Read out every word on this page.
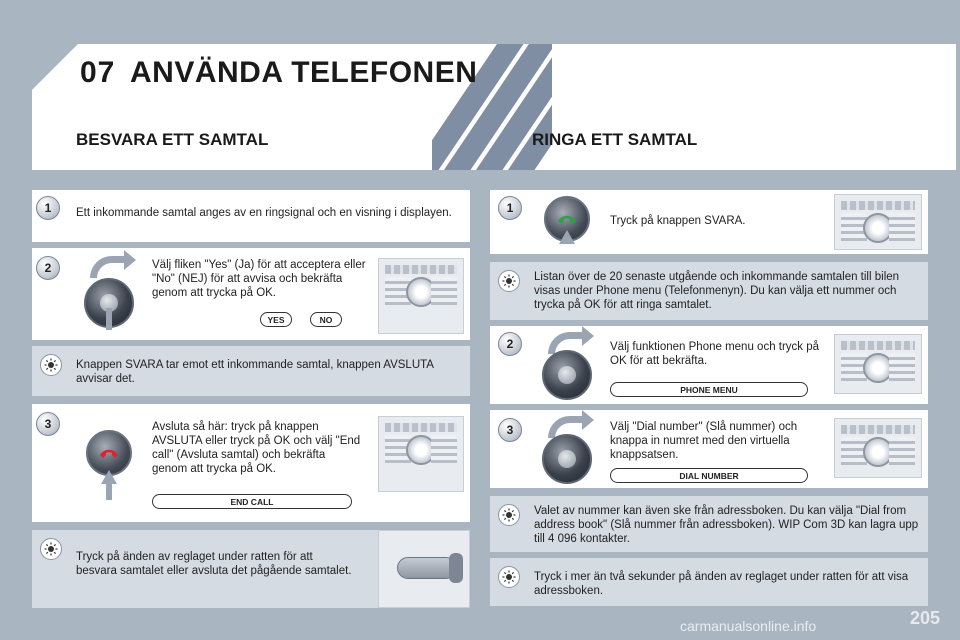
07 ANVÄNDA TELEFONEN
BESVARA ETT SAMTAL	RINGA ETT SAMTAL
1	Ett inkommande samtal anges av en ringsignal och en visning i displayen.
2	Välj fliken "Yes" (Ja) för att acceptera eller "No" (NEJ) för att avvisa och bekräfta genom att trycka på OK.
YES	NO
Knappen SVARA tar emot ett inkommande samtal, knappen AVSLUTA avvisar det.
3	Avsluta så här: tryck på knappen AVSLUTA eller tryck på OK och välj "End call" (Avsluta samtal) och bekräfta genom att trycka på OK.
END CALL
Tryck på änden av reglaget under ratten för att besvara samtalet eller avsluta det pågående samtalet.
1
Tryck på knappen SVARA.
Listan över de 20 senaste utgående och inkommande samtalen till bilen visas under Phone menu (Telefonmenyn). Du kan välja ett nummer och trycka på OK för att ringa samtalet.
2	Välj funktionen Phone menu och tryck på OK för att bekräfta.
PHONE MENU
3	Välj "Dial number" (Slå nummer) och knappa in numret med den virtuella knappsatsen.
DIAL NUMBER
Valet av nummer kan även ske från adressboken. Du kan välja "Dial from address book" (Slå nummer från adressboken). WIP Com 3D kan lagra upp till 4 096 kontakter.
Tryck i mer än två sekunder på änden av reglaget under ratten för att visa adressboken.
205
carmanualsonline.info
